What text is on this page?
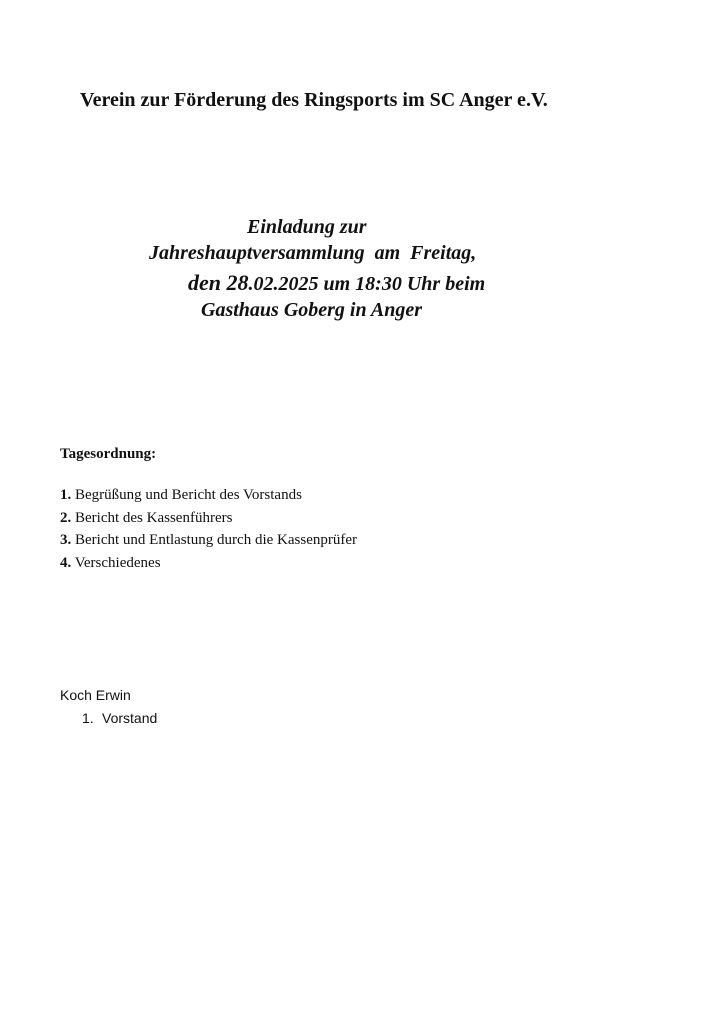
Verein zur Förderung des Ringsports im SC Anger e.V.
Einladung zur
Jahreshauptversammlung  am  Freitag,
den 28.02.2025 um 18:30 Uhr beim
Gasthaus Goberg in Anger
Tagesordnung:
1. Begrüßung und Bericht des Vorstands
2. Bericht des Kassenführers
3. Bericht und Entlastung durch die Kassenprüfer
4. Verschiedenes
Koch Erwin
1. Vorstand
